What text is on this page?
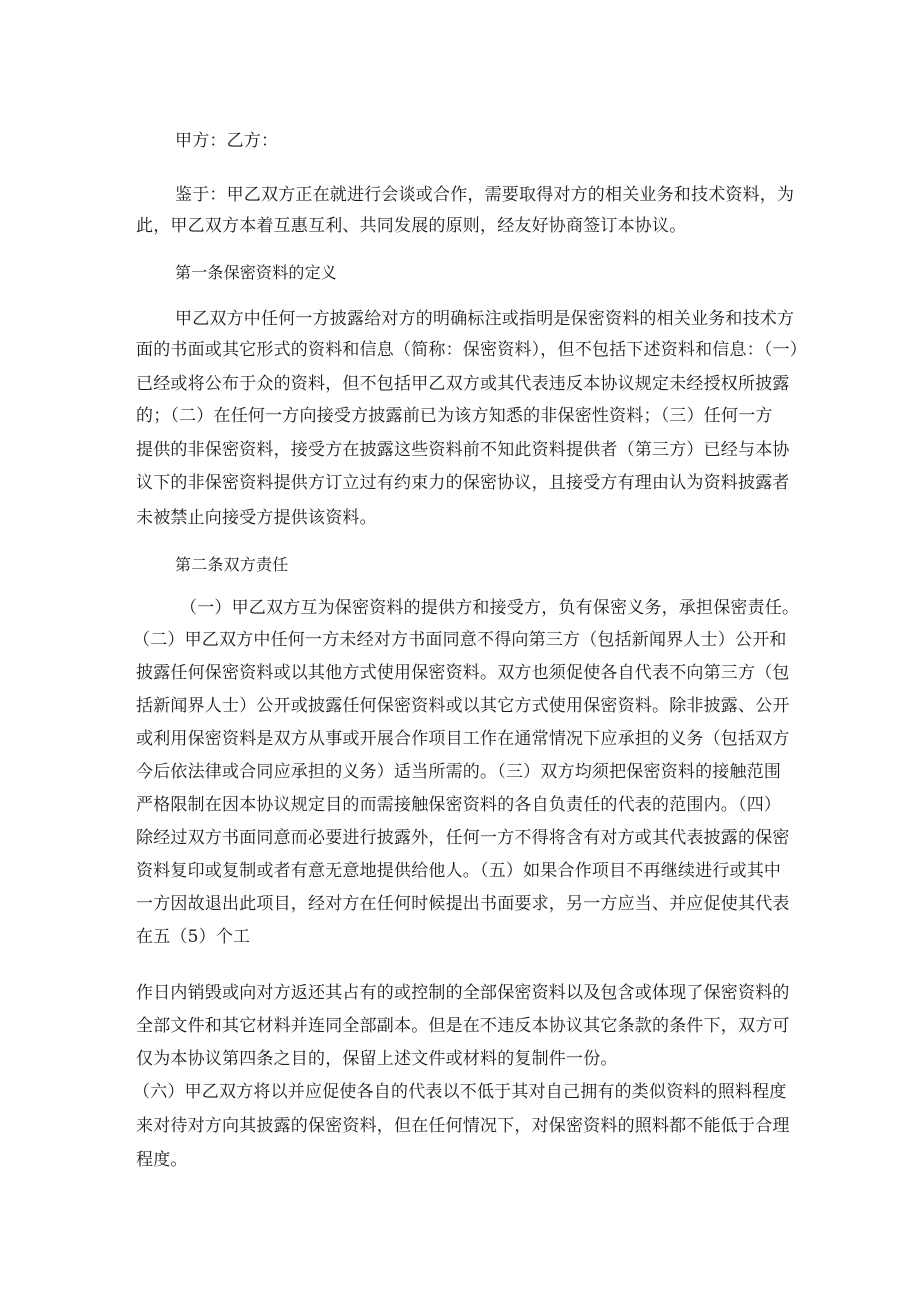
甲方：乙方：
鉴于：甲乙双方正在就进行会谈或合作，需要取得对方的相关业务和技术资料，为
此，甲乙双方本着互惠互利、共同发展的原则，经友好协商签订本协议。
第一条保密资料的定义
甲乙双方中任何一方披露给对方的明确标注或指明是保密资料的相关业务和技术方
面的书面或其它形式的资料和信息（简称：保密资料），但不包括下述资料和信息：（一）
已经或将公布于众的资料，但不包括甲乙双方或其代表违反本协议规定未经授权所披露
的；（二）在任何一方向接受方披露前已为该方知悉的非保密性资料；（三）任何一方
提供的非保密资料，接受方在披露这些资料前不知此资料提供者（第三方）已经与本协
议下的非保密资料提供方订立过有约束力的保密协议，且接受方有理由认为资料披露者
未被禁止向接受方提供该资料。
第二条双方责任
（一）甲乙双方互为保密资料的提供方和接受方，负有保密义务，承担保密责任。
（二）甲乙双方中任何一方未经对方书面同意不得向第三方（包括新闻界人士）公开和
披露任何保密资料或以其他方式使用保密资料。双方也须促使各自代表不向第三方（包
括新闻界人士）公开或披露任何保密资料或以其它方式使用保密资料。除非披露、公开
或利用保密资料是双方从事或开展合作项目工作在通常情况下应承担的义务（包括双方
今后依法律或合同应承担的义务）适当所需的。（三）双方均须把保密资料的接触范围
严格限制在因本协议规定目的而需接触保密资料的各自负责任的代表的范围内。（四）
除经过双方书面同意而必要进行披露外，任何一方不得将含有对方或其代表披露的保密
资料复印或复制或者有意无意地提供给他人。（五）如果合作项目不再继续进行或其中
一方因故退出此项目，经对方在任何时候提出书面要求，另一方应当、并应促使其代表
在五（5）个工
作日内销毁或向对方返还其占有的或控制的全部保密资料以及包含或体现了保密资料的
全部文件和其它材料并连同全部副本。但是在不违反本协议其它条款的条件下，双方可
仅为本协议第四条之目的，保留上述文件或材料的复制件一份。
（六）甲乙双方将以并应促使各自的代表以不低于其对自己拥有的类似资料的照料程度
来对待对方向其披露的保密资料，但在任何情况下，对保密资料的照料都不能低于合理
程度。
